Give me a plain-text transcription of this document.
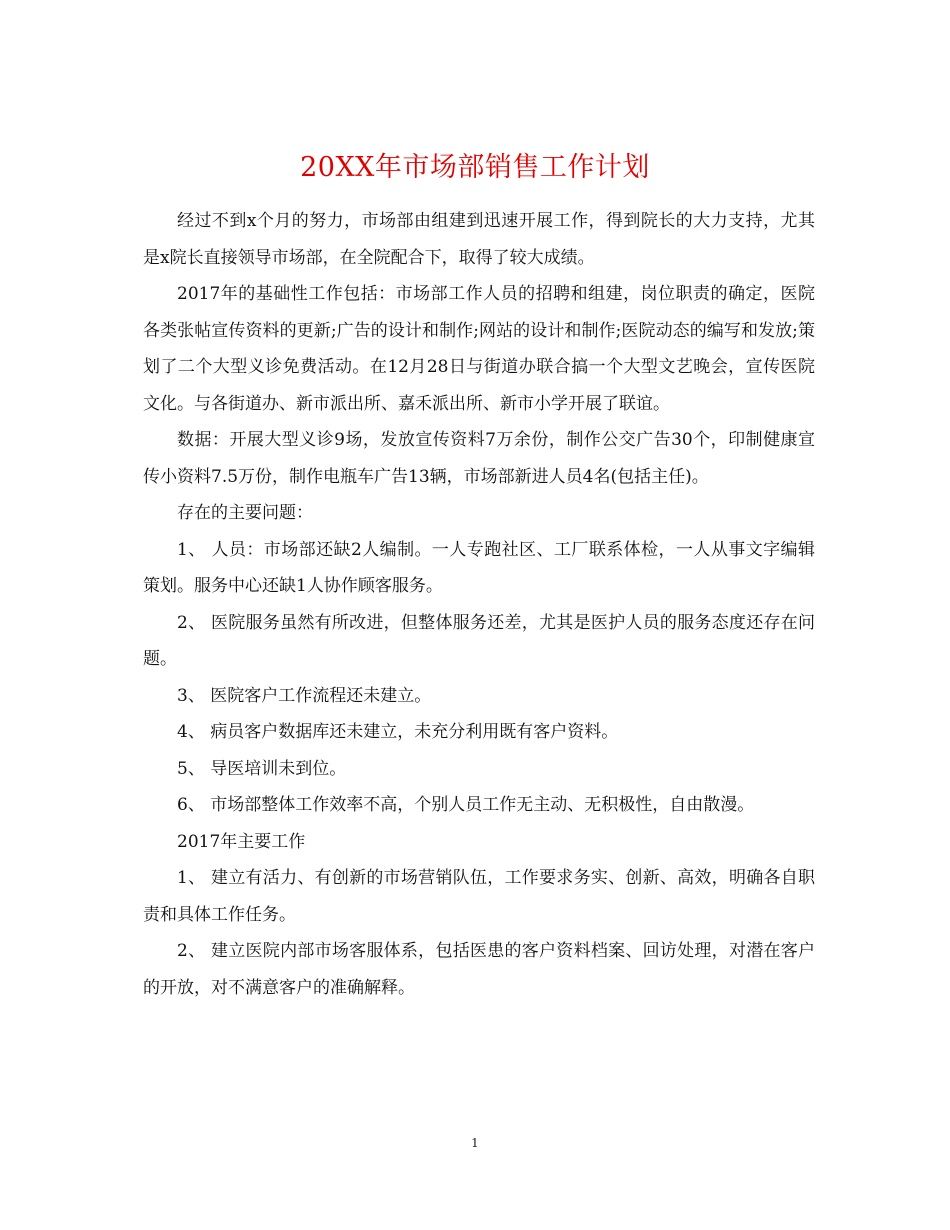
20XX年市场部销售工作计划

经过不到x个月的努力，市场部由组建到迅速开展工作，得到院长的大力支持，尤其是x院长直接领导市场部，在全院配合下，取得了较大成绩。

2017年的基础性工作包括：市场部工作人员的招聘和组建，岗位职责的确定，医院各类张帖宣传资料的更新;广告的设计和制作;网站的设计和制作;医院动态的编写和发放;策划了二个大型义诊免费活动。在12月28日与街道办联合搞一个大型文艺晚会，宣传医院文化。与各街道办、新市派出所、嘉禾派出所、新市小学开展了联谊。

数据：开展大型义诊9场，发放宣传资料7万余份，制作公交广告30个，印制健康宣传小资料7.5万份，制作电瓶车广告13辆，市场部新进人员4名(包括主任)。

存在的主要问题：

1、 人员：市场部还缺2人编制。一人专跑社区、工厂联系体检，一人从事文字编辑策划。服务中心还缺1人协作顾客服务。

2、 医院服务虽然有所改进，但整体服务还差，尤其是医护人员的服务态度还存在问题。

3、 医院客户工作流程还未建立。

4、 病员客户数据库还未建立，未充分利用既有客户资料。

5、 导医培训未到位。

6、 市场部整体工作效率不高，个别人员工作无主动、无积极性，自由散漫。

2017年主要工作

1、 建立有活力、有创新的市场营销队伍，工作要求务实、创新、高效，明确各自职责和具体工作任务。

2、 建立医院内部市场客服体系，包括医患的客户资料档案、回访处理，对潜在客户的开放，对不满意客户的准确解释。

1
